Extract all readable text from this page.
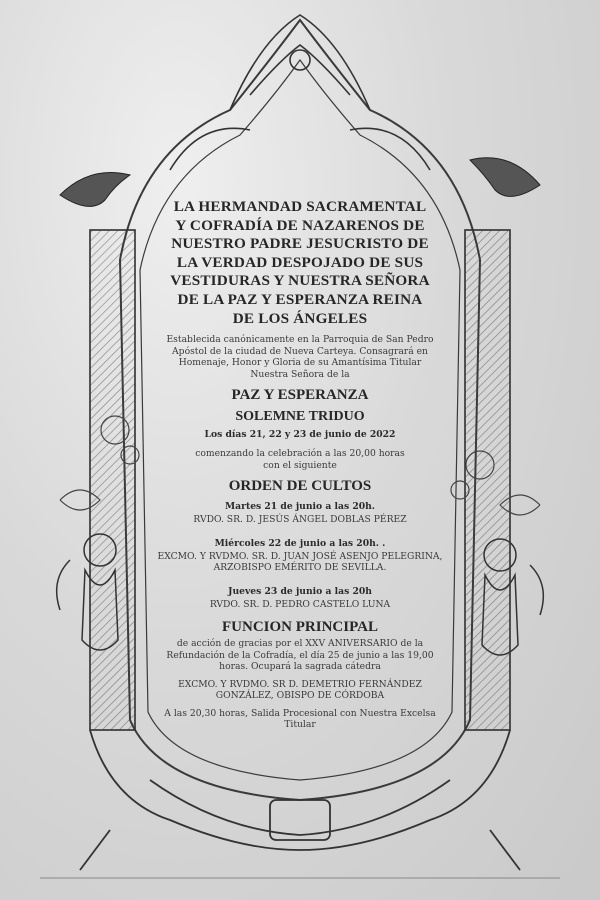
LA HERMANDAD SACRAMENTAL
Y COFRADÍA DE NAZARENOS DE
NUESTRO PADRE JESUCRISTO DE
LA VERDAD DESPOJADO DE SUS
VESTIDURAS Y NUESTRA SEÑORA
DE LA PAZ Y ESPERANZA REINA
DE LOS ÁNGELES
Establecida canónicamente en la Parroquia de San Pedro
Apóstol de la ciudad de Nueva Carteya. Consagrará en
Homenaje, Honor y Gloria de su Amantísima Titular
Nuestra Señora de la
PAZ Y ESPERANZA
SOLEMNE TRIDUO
Los días 21, 22 y 23 de junio de 2022
comenzando la celebración a las 20,00 horas
con el siguiente
ORDEN DE CULTOS
Martes 21 de junio a las 20h.
RVDO. SR. D. JESÚS ÁNGEL DOBLAS PÉREZ
Miércoles 22 de junio a las 20h. .
EXCMO. Y RVDMO. SR. D. JUAN JOSÉ ASENJO PELEGRINA,
ARZOBISPO EMÉRITO DE SEVILLA.
Jueves 23 de junio a las 20h
RVDO. SR. D. PEDRO CASTELO LUNA
FUNCION PRINCIPAL
de acción de gracias por el XXV ANIVERSARIO de la
Refundación de la Cofradía, el día 25 de junio a las 19,00
horas. Ocupará la sagrada cátedra
EXCMO. Y RVDMO. SR D. DEMETRIO FERNÁNDEZ
GONZÁLEZ, OBISPO DE CÓRDOBA
A las 20,30 horas, Salida Procesional con Nuestra Excelsa
Titular
